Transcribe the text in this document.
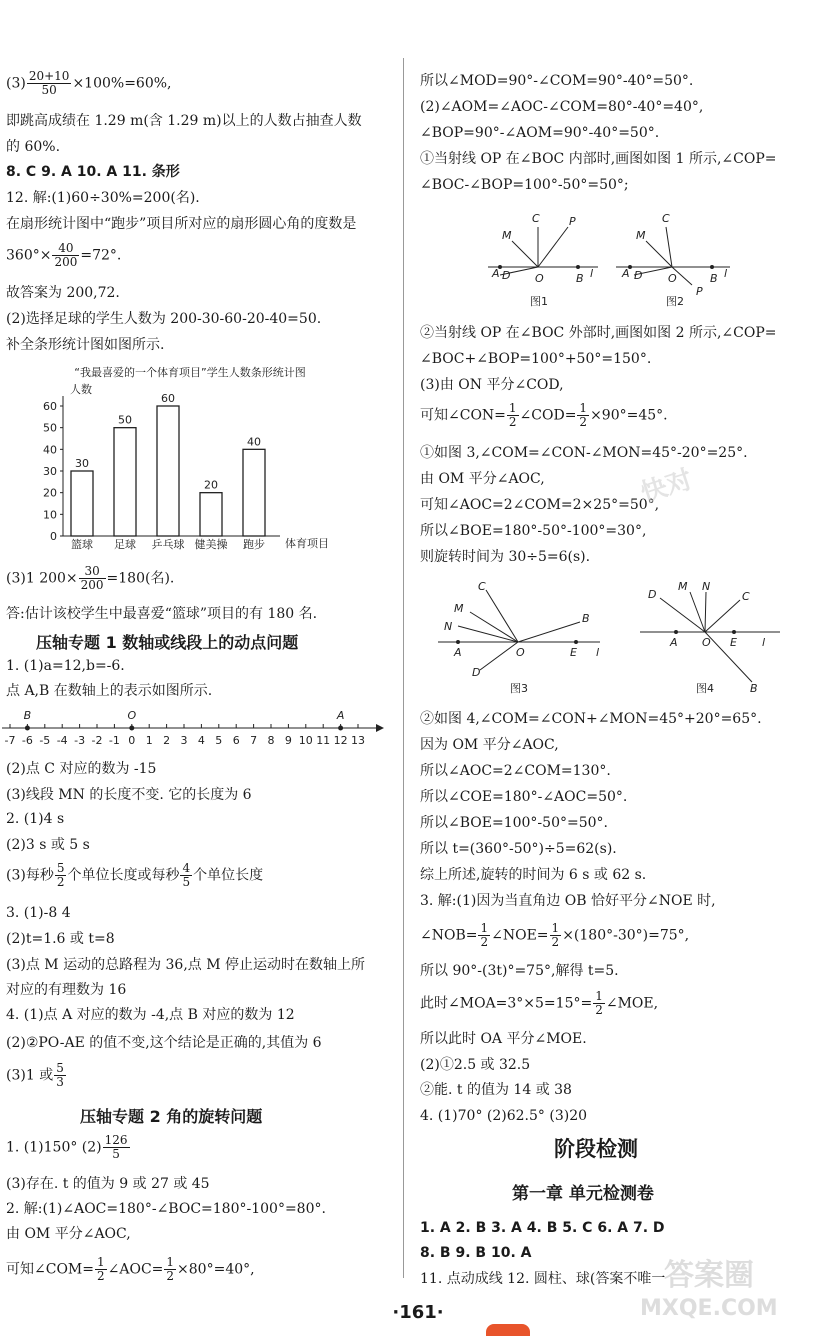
$(3) \frac{20+10}{50} \times 100\%=60\%$,
即跳高成绩在 1.29 m(含 1.29 m)以上的人数占抽查人数
的 60%.
8. C 9. A 10. A 11. 条形
12. 解:(1)60÷30%=200(名).
在扇形统计图中“跑步”项目所对应的扇形圆心角的度数是
$360^\circ\times \frac{40}{200} =72^\circ$.
故答案为 200,72.
(2)选择足球的学生人数为 200-30-60-20-40=50.
补全条形统计图如图所示.
“我最喜爱的一个体育项目”学生人数条形统计图
人数
0
10
20
30
40
50
60
30
篮球
50
足球
60
乒乓球
20
健美操
40
跑步 体育项目
(3)1 $200\times \frac{30}{200} =180$(名).
答:估计该校学生中最喜爱“篮球”项目的有 180 名.
压轴专题 1 数轴或线段上的动点问题
1. (1)a=12,b=-6.
点 A,B 在数轴上的表示如图所示.
-7 -6 -5 -4 -3 -2 -1 0 1 2 3 4 5 6 7 8 9 10 11 12 13
B	O	A
(2)点 C 对应的数为 -15
(3)线段 MN 的长度不变. 它的长度为 6
2. (1)4 s
(2)3 s 或 5 s
(3)每秒 $\frac{5}{2}$ 个单位长度或每秒 $\frac{4}{5}$ 个单位长度
3. (1)-8 4
(2)t=1.6 或 t=8
(3)点 M 运动的总路程为 36,点 M 停止运动时在数轴上所
对应的有理数为 16
4. (1)点 A 对应的数为 -4,点 B 对应的数为 12
(2)②PO-AE 的值不变,这个结论是正确的,其值为 6
(3)1 或 $\frac{5}{3}$
压轴专题 2 角的旋转问题
1. (1)150° $(2) \frac{126}{5}$
(3)存在. t 的值为 9 或 27 或 45
2. 解:(1)∠AOC=180°-∠BOC=180°-100°=80°.
由 OM 平分∠AOC,
可知∠COM= $\frac{1}{2}$ ∠AOC= $\frac{1}{2} \times 80^\circ=40^\circ$,
所以∠MOD=90°-∠COM=90°-40°=50°.
(2)∠AOM=∠AOC-∠COM=80°-40°=40°,
∠BOP=90°-∠AOM=90°-40°=50°.
①当射线 OP 在∠BOC 内部时,画图如图 1 所示,∠COP=
∠BOC-∠BOP=100°-50°=50°;
C	P
M
A D O	B l
图1
C
P
M
A D O	B l
图2
②当射线 OP 在∠BOC 外部时,画图如图 2 所示,∠COP=
∠BOC+∠BOP=100°+50°=150°.
(3)由 ON 平分∠COD,
可知∠CON= $\frac{1}{2}$ ∠COD= $\frac{1}{2} \times 90^\circ=45^\circ$.
①如图 3,∠COM=∠CON-∠MON=45°-20°=25°.
由 OM 平分∠AOC,
可知∠AOC=2∠COM=2×25°=50°,
所以∠BOE=180°-50°-100°=30°,
则旋转时间为 30÷5=6(s).
C
M
N
B
A	O	E l
D
图3
D
M N
C
A O E l
B
图4
②如图 4,∠COM=∠CON+∠MON=45°+20°=65°.
因为 OM 平分∠AOC,
所以∠AOC=2∠COM=130°.
所以∠COE=180°-∠AOC=50°.
所以∠BOE=100°-50°=50°.
所以 t=(360°-50°)÷5=62(s).
综上所述,旋转的时间为 6 s 或 62 s.
3. 解:(1)因为当直角边 OB 恰好平分∠NOE 时,
∠NOB= $\frac{1}{2}$ ∠NOE= $\frac{1}{2} \times(180^\circ-30^\circ)=75^\circ$,
所以 90°-(3t)°=75°,解得 t=5.
此时∠MOA=3°×5=15°= $\frac{1}{2}$ ∠MOE,
所以此时 OA 平分∠MOE.
(2)①2.5 或 32.5
②能. t 的值为 14 或 38
4. (1)70° (2)62.5° (3)20
阶段检测
第一章 单元检测卷
1. A 2. B 3. A 4. B 5. C 6. A 7. D
8. B 9. B 10. A
11. 点动成线 12. 圆柱、球(答案不唯一
快对
MXQE.COM
答案圈
·161·
